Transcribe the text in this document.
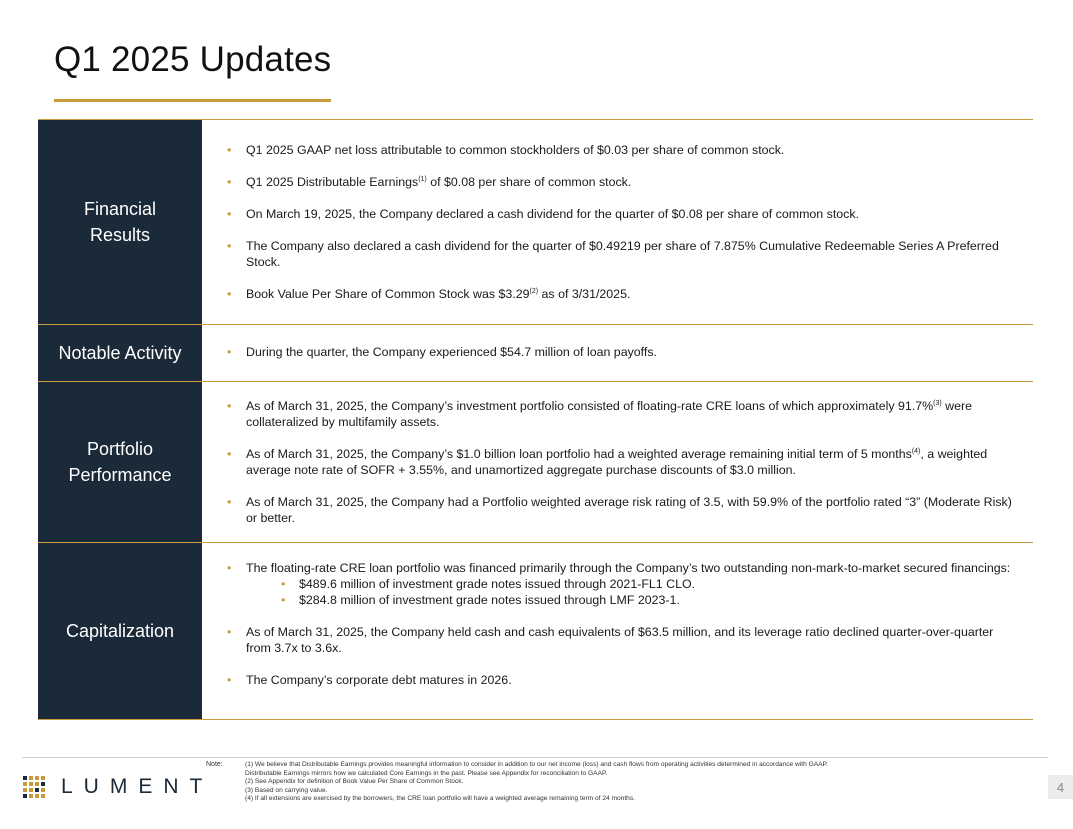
Q1 2025 Updates
Financial
Results
• Q1 2025 GAAP net loss attributable to common stockholders of $0.03 per share of common stock.
• Q1 2025 Distributable Earnings$^{(1)}$ of $0.08 per share of common stock.
• On March 19, 2025, the Company declared a cash dividend for the quarter of $0.08 per share of common stock.
• The Company also declared a cash dividend for the quarter of $0.49219 per share of 7.875% Cumulative Redeemable Series A Preferred Stock.
• Book Value Per Share of Common Stock was $3.29$^{(2)}$ as of 3/31/2025.
Notable Activity
•	During the quarter, the Company experienced $54.7 million of loan payoffs.
Portfolio
Performance
• As of March 31, 2025, the Company’s investment portfolio consisted of floating-rate CRE loans of which approximately 91.7%$^{(3)}$ were collateralized by multifamily assets.
• As of March 31, 2025, the Company’s $1.0 billion loan portfolio had a weighted average remaining initial term of 5 months$^{(4)}$, a weighted average note rate of SOFR + 3.55%, and unamortized aggregate purchase discounts of $3.0 million.
• As of March 31, 2025, the Company had a Portfolio weighted average risk rating of 3.5, with 59.9% of the portfolio rated “3” (Moderate Risk) or better.
Capitalization
• The floating-rate CRE loan portfolio was financed primarily through the Company’s two outstanding non-mark-to-market secured financings:
• $489.6 million of investment grade notes issued through 2021-FL1 CLO.
• $284.8 million of investment grade notes issued through LMF 2023-1.
• As of March 31, 2025, the Company held cash and cash equivalents of $63.5 million, and its leverage ratio declined quarter-over-quarter from 3.7x to 3.6x.
• The Company’s corporate debt matures in 2026.
LUMENT
Note:	(1) We believe that Distributable Earnings provides meaningful information to consider in addition to our net income (loss) and cash flows from operating activities determined in accordance with GAAP.
Distributable Earnings mirrors how we calculated Core Earnings in the past. Please see Appendix for reconciliation to GAAP.
(2) See Appendix for definition of Book Value Per Share of Common Stock.
(3) Based on carrying value.
(4) If all extensions are exercised by the borrowers, the CRE loan portfolio will have a weighted average remaining term of 24 months.
4
